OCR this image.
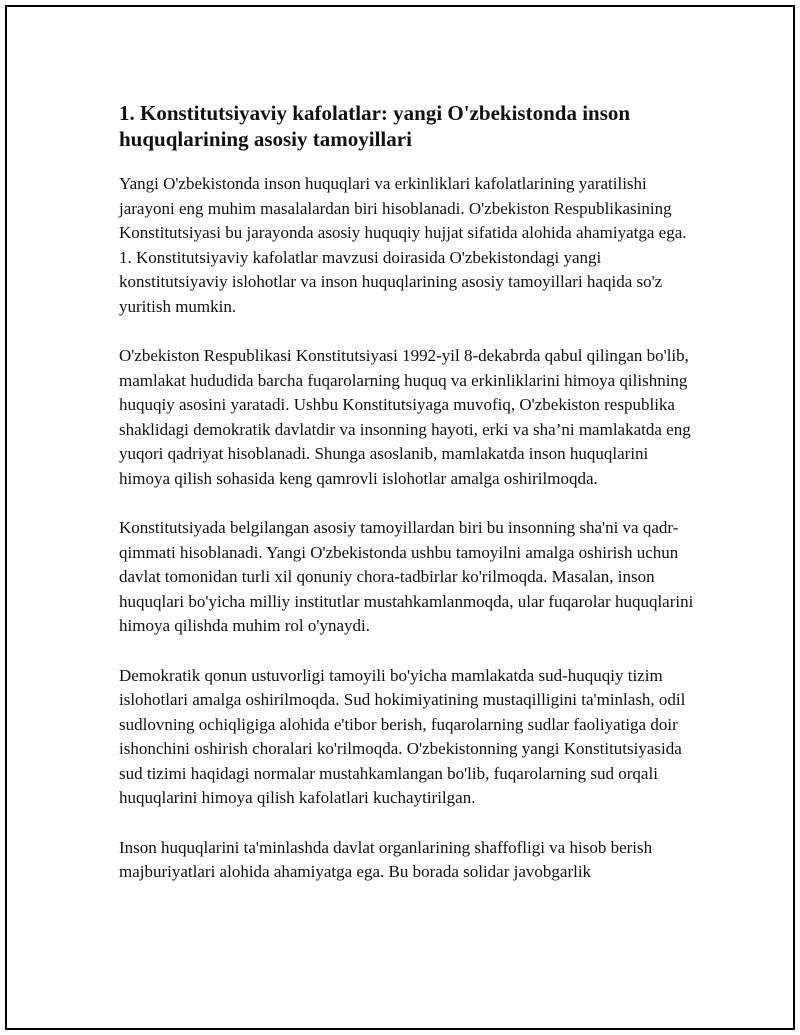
1. Konstitutsiyaviy kafolatlar: yangi O'zbekistonda inson huquqlarining asosiy tamoyillari

Yangi O'zbekistonda inson huquqlari va erkinliklari kafolatlarining yaratilishi jarayoni eng muhim masalalardan biri hisoblanadi. O'zbekiston Respublikasining Konstitutsiyasi bu jarayonda asosiy huquqiy hujjat sifatida alohida ahamiyatga ega. 1. Konstitutsiyaviy kafolatlar mavzusi doirasida O'zbekistondagi yangi konstitutsiyaviy islohotlar va inson huquqlarining asosiy tamoyillari haqida so'z yuritish mumkin.

O'zbekiston Respublikasi Konstitutsiyasi 1992-yil 8-dekabrda qabul qilingan bo'lib, mamlakat hududida barcha fuqarolarning huquq va erkinliklarini himoya qilishning huquqiy asosini yaratadi. Ushbu Konstitutsiyaga muvofiq, O'zbekiston respublika shaklidagi demokratik davlatdir va insonning hayoti, erki va sha’ni mamlakatda eng yuqori qadriyat hisoblanadi. Shunga asoslanib, mamlakatda inson huquqlarini himoya qilish sohasida keng qamrovli islohotlar amalga oshirilmoqda.

Konstitutsiyada belgilangan asosiy tamoyillardan biri bu insonning sha'ni va qadr-qimmati hisoblanadi. Yangi O'zbekistonda ushbu tamoyilni amalga oshirish uchun davlat tomonidan turli xil qonuniy chora-tadbirlar ko'rilmoqda. Masalan, inson huquqlari bo'yicha milliy institutlar mustahkamlanmoqda, ular fuqarolar huquqlarini himoya qilishda muhim rol o'ynaydi.

Demokratik qonun ustuvorligi tamoyili bo'yicha mamlakatda sud-huquqiy tizim islohotlari amalga oshirilmoqda. Sud hokimiyatining mustaqilligini ta'minlash, odil sudlovning ochiqligiga alohida e'tibor berish, fuqarolarning sudlar faoliyatiga doir ishonchini oshirish choralari ko'rilmoqda. O'zbekistonning yangi Konstitutsiyasida sud tizimi haqidagi normalar mustahkamlangan bo'lib, fuqarolarning sud orqali huquqlarini himoya qilish kafolatlari kuchaytirilgan.

Inson huquqlarini ta'minlashda davlat organlarining shaffofligi va hisob berish majburiyatlari alohida ahamiyatga ega. Bu borada solidar javobgarlik
